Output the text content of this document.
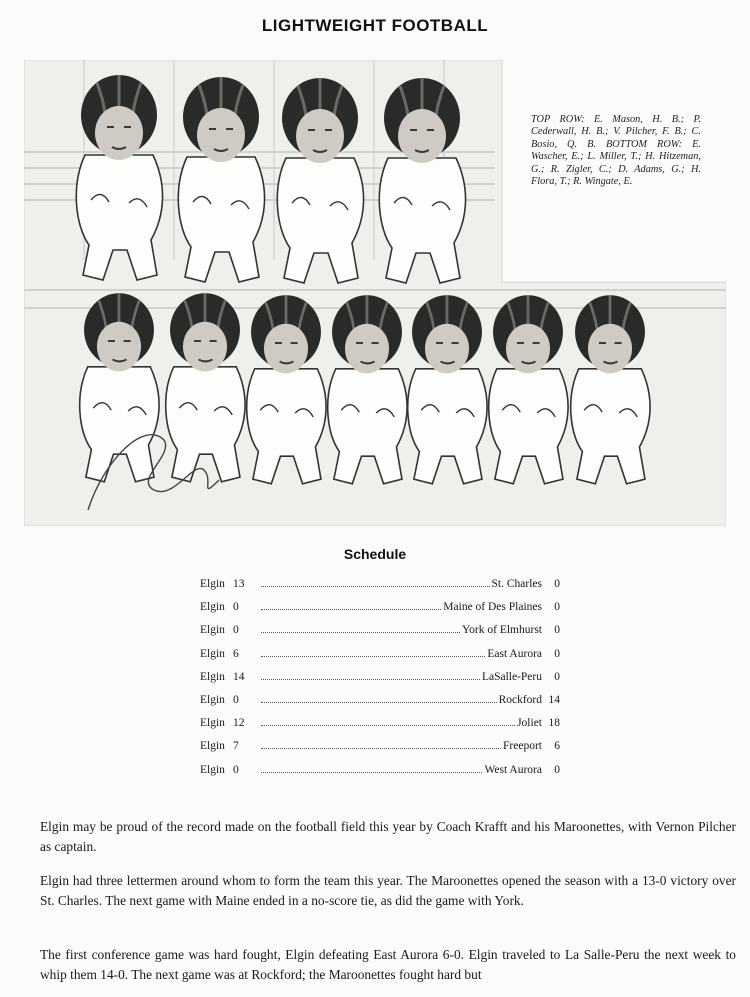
LIGHTWEIGHT FOOTBALL
TOP ROW: E. Mason, H. B.; P. Cederwall, H. B.; V. Pilcher, F. B.; C. Bosio, Q. B. BOTTOM ROW: E. Wascher, E.; L. Miller, T.; H. Hitzeman, G.; R. Zigler, C.; D. Adams, G.; H. Flora, T.; R. Wingate, E.
Schedule
Elgin 13	St. Charles	0
Elgin 0	Maine of Des Plaines	0
Elgin 0	York of Elmhurst	0
Elgin 6	East Aurora	0
Elgin 14	LaSalle-Peru	0
Elgin 0	Rockford 14
Elgin 12	Joliet 18
Elgin 7	Freeport	6
Elgin 0	West Aurora	0

Elgin may be proud of the record made on the football field this year by Coach Krafft and his Maroonettes, with Vernon Pilcher as captain.

Elgin had three lettermen around whom to form the team this year. The Maroonettes opened the season with a 13-0 victory over St. Charles. The next game with Maine ended in a no-score tie, as did the game with York.

The first conference game was hard fought, Elgin defeating East Aurora 6-0. Elgin traveled to La Salle-Peru the next week to whip them 14-0. The next game was at Rockford; the Maroonettes fought hard but
